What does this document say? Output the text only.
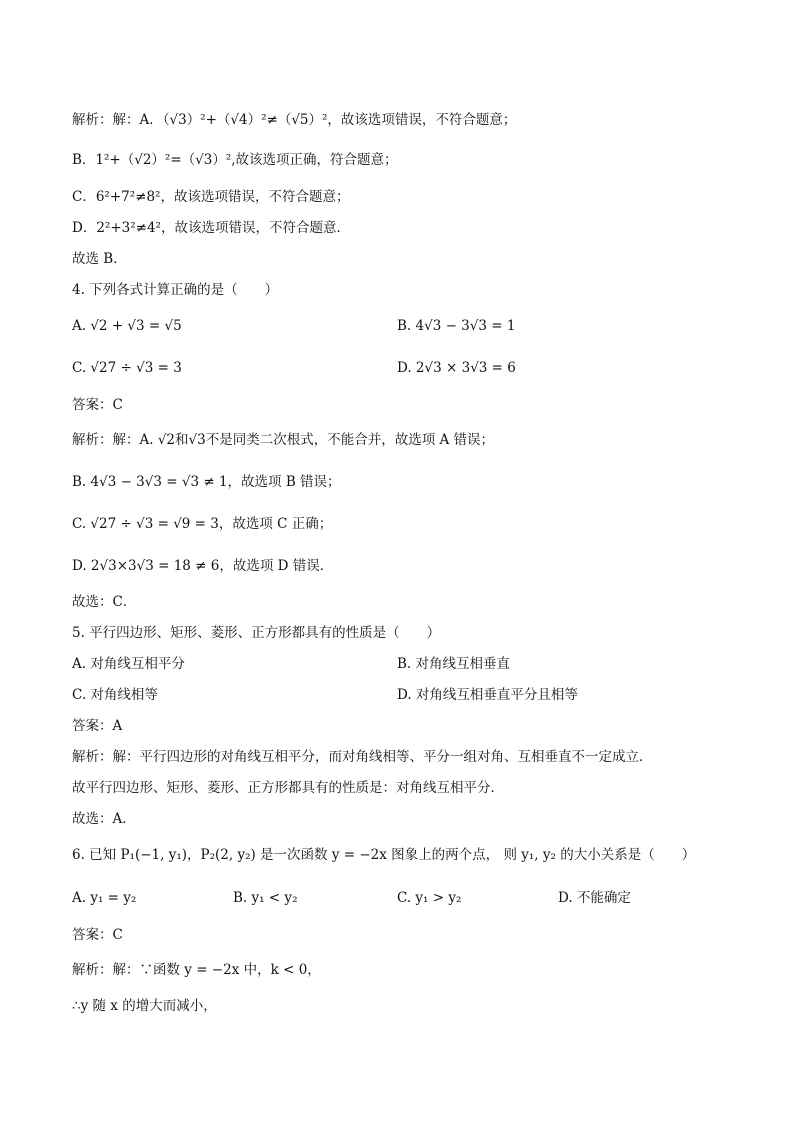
解析：解：A．（√3）²+（√4）²≠（√5）²，故该选项错误，不符合题意；
B．1²+（√2）²=（√3）²,故该选项正确，符合题意；
C．6²+7²≠8²，故该选项错误，不符合题意；
D．2²+3²≠4²，故该选项错误，不符合题意．
故选 B．
4. 下列各式计算正确的是（　　）
答案：C
解析：解：A. √2和√3不是同类二次根式，不能合并，故选项 A 错误；
B. 4√3 − 3√3 = √3 ≠ 1，故选项 B 错误；
C. √27 ÷ √3 = √9 = 3，故选项 C 正确；
D. 2√3×3√3 = 18 ≠ 6，故选项 D 错误．
故选：C．
5. 平行四边形、矩形、菱形、正方形都具有的性质是（　　）
答案：A
解析：解：平行四边形的对角线互相平分，而对角线相等、平分一组对角、互相垂直不一定成立．
故平行四边形、矩形、菱形、正方形都具有的性质是：对角线互相平分．
故选：A．
6. 已知 P₁(−1, y₁)，P₂(2, y₂) 是一次函数 y = −2x 图象上的两个点， 则 y₁, y₂ 的大小关系是（　　）
答案：C
解析：解：∵函数 y = −2x 中，k < 0，
∴y 随 x 的增大而减小，
A. √2 + √3 = √5	B. 4√3 − 3√3 = 1
C. √27 ÷ √3 = 3	D. 2√3 × 3√3 = 6
A. 对角线互相平分	B. 对角线互相垂直
C. 对角线相等	D. 对角线互相垂直平分且相等
A. y₁ = y₂	B. y₁ < y₂	C. y₁ > y₂	D. 不能确定
